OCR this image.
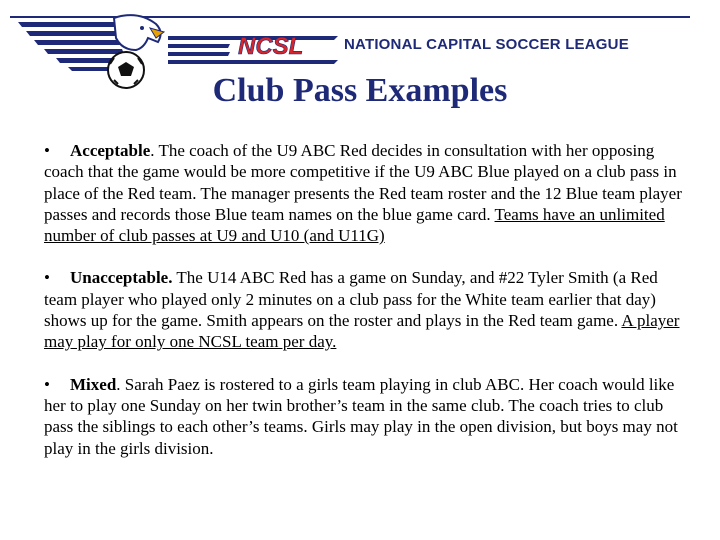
NCSL	NATIONAL CAPITAL SOCCER LEAGUE
Club Pass Examples

• Acceptable. The coach of the U9 ABC Red decides in consultation with her opposing coach that the game would be more competitive if the U9 ABC Blue played on a club pass in place of the Red team. The manager presents the Red team roster and the 12 Blue team player passes and records those Blue team names on the blue game card. Teams have an unlimited number of club passes at U9 and U10 (and U11G)

• Unacceptable. The U14 ABC Red has a game on Sunday, and #22 Tyler Smith (a Red team player who played only 2 minutes on a club pass for the White team earlier that day) shows up for the game. Smith appears on the roster and plays in the Red team game. A player may play for only one NCSL team per day.

• Mixed. Sarah Paez is rostered to a girls team playing in club ABC. Her coach would like her to play one Sunday on her twin brother’s team in the same club. The coach tries to club pass the siblings to each other’s teams. Girls may play in the open division, but boys may not play in the girls division.
